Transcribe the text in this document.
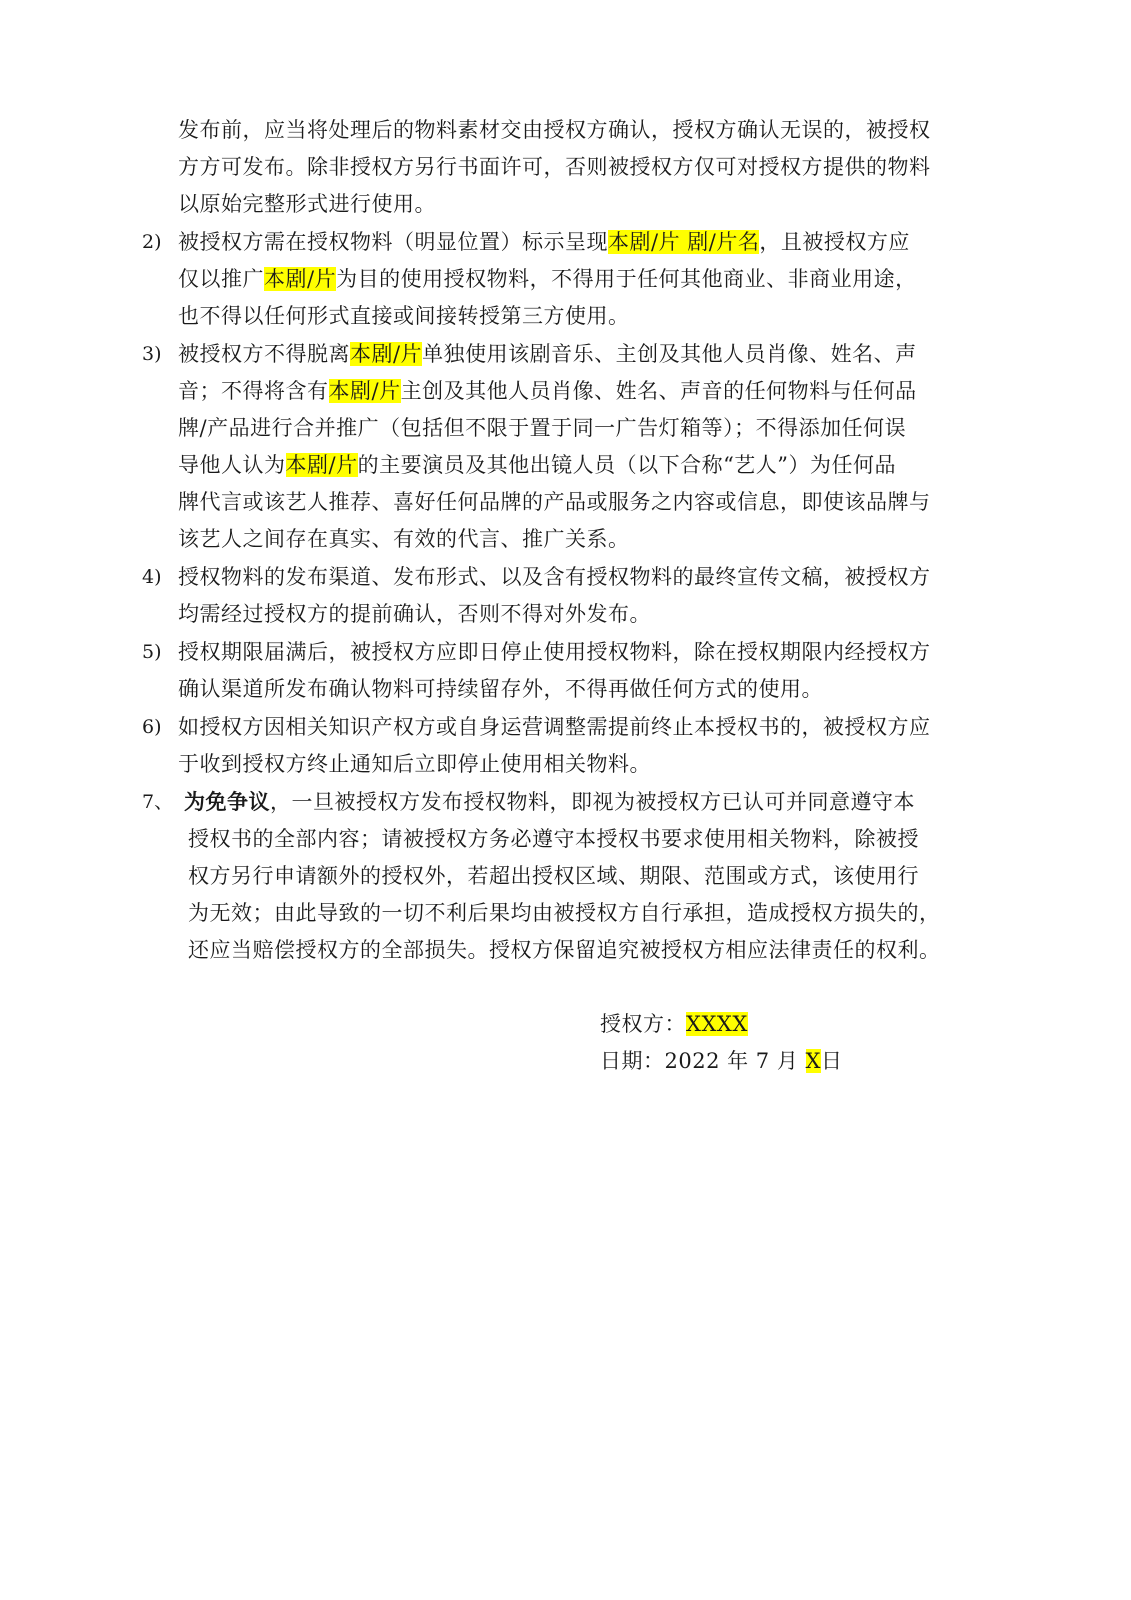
发布前，应当将处理后的物料素材交由授权方确认，授权方确认无误的，被授权
方方可发布。除非授权方另行书面许可，否则被授权方仅可对授权方提供的物料
以原始完整形式进行使用。
2) 被授权方需在授权物料（明显位置）标示呈现本剧/片 剧/片名，且被授权方应
仅以推广本剧/片为目的使用授权物料，不得用于任何其他商业、非商业用途，
也不得以任何形式直接或间接转授第三方使用。
3) 被授权方不得脱离本剧/片单独使用该剧音乐、主创及其他人员肖像、姓名、声
音；不得将含有本剧/片主创及其他人员肖像、姓名、声音的任何物料与任何品
牌/产品进行合并推广（包括但不限于置于同一广告灯箱等）；不得添加任何误
导他人认为本剧/片的主要演员及其他出镜人员（以下合称“艺人”）为任何品
牌代言或该艺人推荐、喜好任何品牌的产品或服务之内容或信息，即使该品牌与
该艺人之间存在真实、有效的代言、推广关系。
4) 授权物料的发布渠道、发布形式、以及含有授权物料的最终宣传文稿，被授权方
均需经过授权方的提前确认，否则不得对外发布。
5) 授权期限届满后，被授权方应即日停止使用授权物料，除在授权期限内经授权方
确认渠道所发布确认物料可持续留存外，不得再做任何方式的使用。
6) 如授权方因相关知识产权方或自身运营调整需提前终止本授权书的，被授权方应
于收到授权方终止通知后立即停止使用相关物料。
7、 为免争议，一旦被授权方发布授权物料，即视为被授权方已认可并同意遵守本
授权书的全部内容；请被授权方务必遵守本授权书要求使用相关物料，除被授
权方另行申请额外的授权外，若超出授权区域、期限、范围或方式，该使用行
为无效；由此导致的一切不利后果均由被授权方自行承担，造成授权方损失的，
还应当赔偿授权方的全部损失。授权方保留追究被授权方相应法律责任的权利。
授权方：XXXX
日期：2022 年 7 月 X日
